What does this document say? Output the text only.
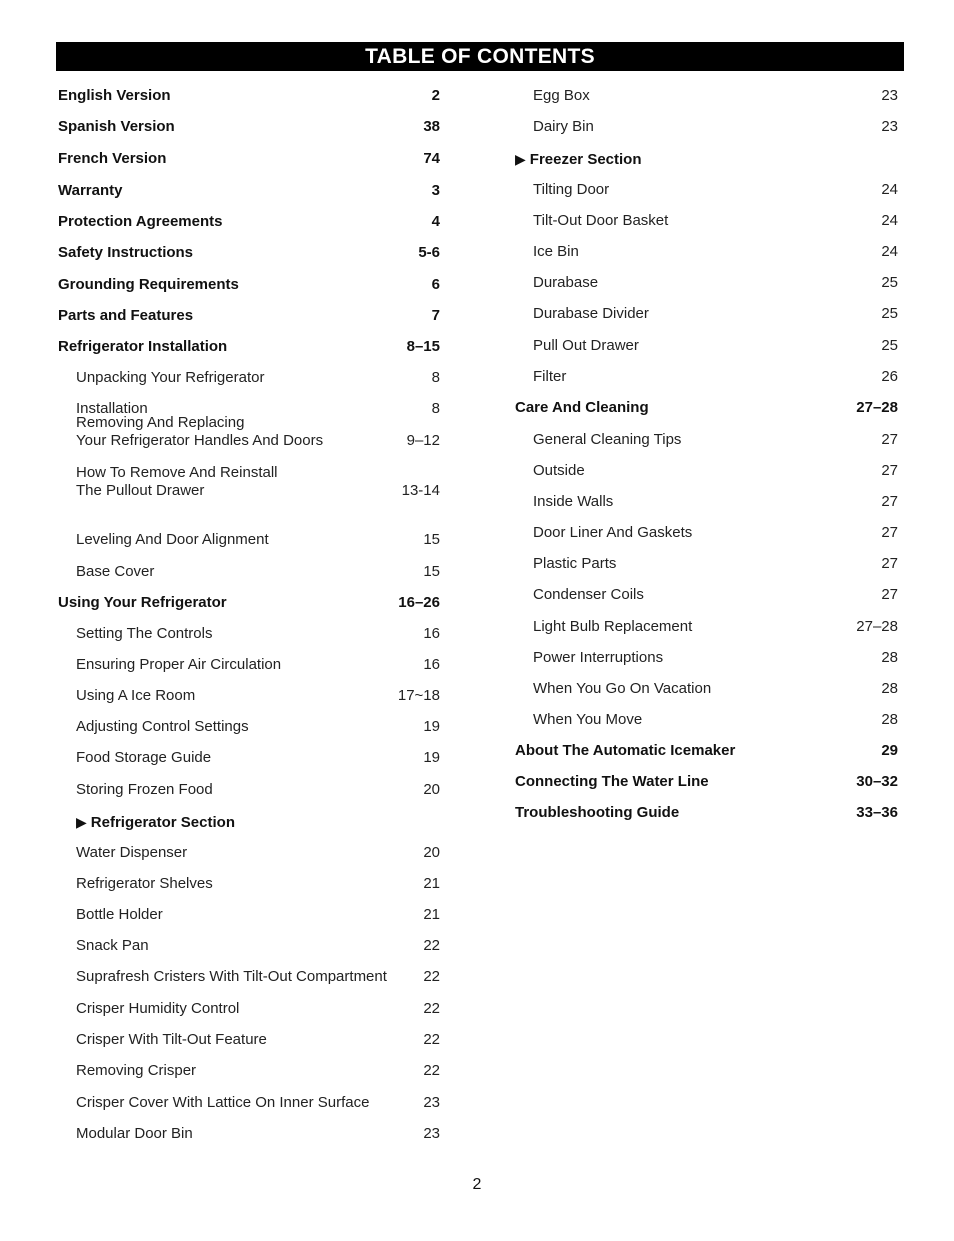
TABLE OF CONTENTS
English Version	2
Spanish Version	38
French Version	74
Warranty	3
Protection Agreements	4
Safety Instructions	5-6
Grounding Requirements	6
Parts and Features	7
Refrigerator Installation	8–15
Unpacking Your Refrigerator	8
Installation	8
Removing And Replacing
Your Refrigerator Handles And Doors	9–12
How To Remove And Reinstall
The Pullout Drawer	13-14
Leveling And Door Alignment	15
Base Cover	15
Using Your Refrigerator	16–26
Setting The Controls	16
Ensuring Proper Air Circulation	16
Using A Ice Room	17~18
Adjusting Control Settings	19
Food Storage Guide	19
Storing Frozen Food	20
▶ Refrigerator Section
Water Dispenser	20
Refrigerator Shelves	21
Bottle Holder	21
Snack Pan	22
Suprafresh Cristers With Tilt-Out Compartment 22
Crisper Humidity Control	22
Crisper With Tilt-Out Feature	22
Removing Crisper	22
Crisper Cover With Lattice On Inner Surface	23
Modular Door Bin	23
Egg Box	23
Dairy Bin	23
▶ Freezer Section
Tilting Door	24
Tilt-Out Door Basket	24
Ice Bin	24
Durabase	25
Durabase Divider	25
Pull Out Drawer	25
Filter	26
Care And Cleaning	27–28
General Cleaning Tips	27
Outside	27
Inside Walls	27
Door Liner And Gaskets	27
Plastic Parts	27
Condenser Coils	27
Light Bulb Replacement	27–28
Power Interruptions	28
When You Go On Vacation	28
When You Move	28
About The Automatic Icemaker	29
Connecting The Water Line	30–32
Troubleshooting Guide	33–36
2
